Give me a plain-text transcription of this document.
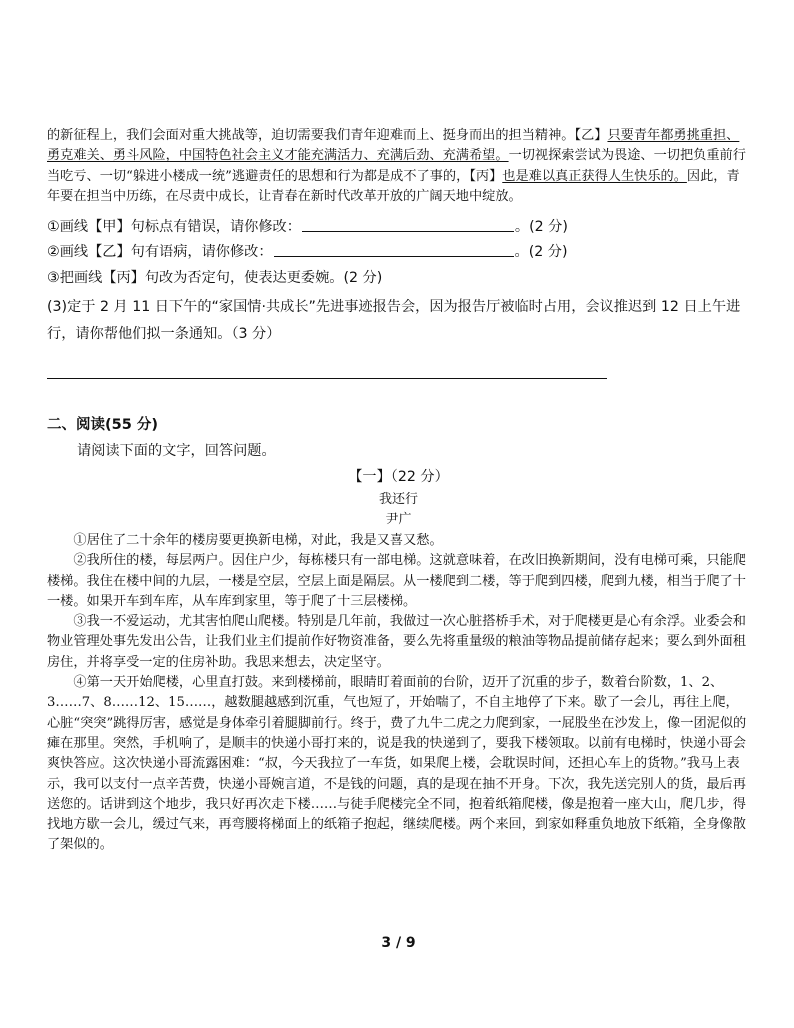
的新征程上，我们会面对重大挑战等，迫切需要我们青年迎难而上、挺身而出的担当精神。【乙】只要青年都勇挑重担、勇克难关、勇斗风险，中国特色社会主义才能充满活力、充满后劲、充满希望。一切视探索尝试为畏途、一切把负重前行当吃亏、一切“躲进小楼成一统”逃避责任的思想和行为都是成不了事的，【丙】也是难以真正获得人生快乐的。因此，青年要在担当中历练，在尽责中成长，让青春在新时代改革开放的广阔天地中绽放。
①画线【甲】句标点有错误，请你修改：	。(2 分)
②画线【乙】句有语病，请你修改：	。(2 分)
③把画线【丙】句改为否定句，使表达更委婉。(2 分)
(3)定于 2 月 11 日下午的“家国情·共成长”先进事迹报告会，因为报告厅被临时占用，会议推迟到 12 日上午进行，请你帮他们拟一条通知。（3 分）
二、阅读(55 分)
请阅读下面的文字，回答问题。
【一】（22 分）
我还行
尹广

①居住了二十余年的楼房要更换新电梯，对此，我是又喜又愁。

②我所住的楼，每层两户。因住户少，每栋楼只有一部电梯。这就意味着，在改旧换新期间，没有电梯可乘，只能爬楼梯。我住在楼中间的九层，一楼是空层，空层上面是隔层。从一楼爬到二楼，等于爬到四楼，爬到九楼，相当于爬了十一楼。如果开车到车库，从车库到家里，等于爬了十三层楼梯。

③我一不爱运动，尤其害怕爬山爬楼。特别是几年前，我做过一次心脏搭桥手术，对于爬楼更是心有余浮。业委会和物业管理处事先发出公告，让我们业主们提前作好物资准备，要么先将重量级的粮油等物品提前储存起来；要么到外面租房住，并将享受一定的住房补助。我思来想去，决定坚守。

④第一天开始爬楼，心里直打鼓。来到楼梯前，眼睛盯着面前的台阶，迈开了沉重的步子，数着台阶数，1、2、3……7、8……12、15……，越数腿越感到沉重，气也短了，开始喘了，不自主地停了下来。歇了一会儿，再往上爬，心脏“突突”跳得厉害，感觉是身体牵引着腿脚前行。终于，费了九牛二虎之力爬到家，一屁股坐在沙发上，像一团泥似的瘫在那里。突然，手机响了，是顺丰的快递小哥打来的，说是我的快递到了，要我下楼领取。以前有电梯时，快递小哥会爽快答应。这次快递小哥流露困难：“叔，今天我拉了一车货，如果爬上楼，会耽误时间，还担心车上的货物。”我马上表示，我可以支付一点辛苦费，快递小哥婉言道，不是钱的问题，真的是现在抽不开身。下次，我先送完别人的货，最后再送您的。话讲到这个地步，我只好再次走下楼……与徒手爬楼完全不同，抱着纸箱爬楼，像是抱着一座大山，爬几步，得找地方歇一会儿，缓过气来，再弯腰将梯面上的纸箱子抱起，继续爬楼。两个来回，到家如释重负地放下纸箱，全身像散了架似的。

3 / 9
